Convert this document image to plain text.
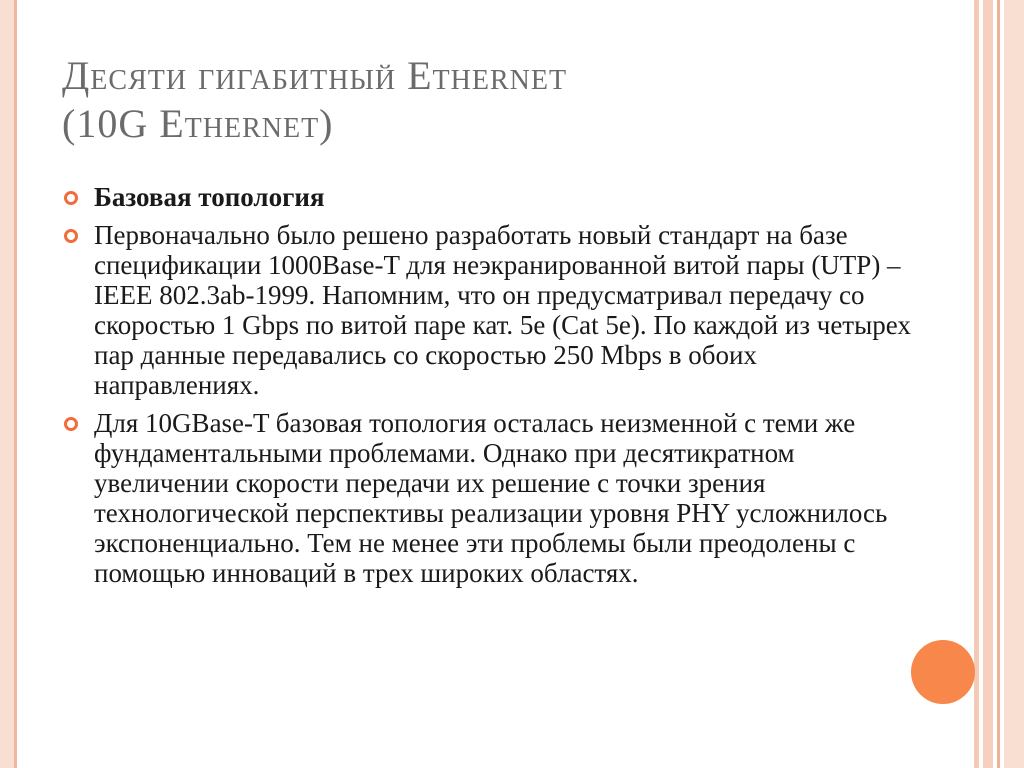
Десяти гигабитный Ethernet
(10G Ethernet)
Базовая топология
Первоначально было решено разработать новый стандарт на базе спецификации 1000Base-T для неэкранированной витой пары (UTP) – IEEE 802.3ab-1999. Напомним, что он предусматривал передачу со скоростью 1 Gbps по витой паре кат. 5е (Cat 5e). По каждой из четырех пар данные передавались со скоростью 250 Mbps в обоих направлениях.
Для 10GBase-T базовая топология осталась неизменной с теми же фундаментальными проблемами. Однако при десятикратном увеличении скорости передачи их решение с точки зрения технологической перспективы реализации уровня PHY усложнилось экспоненциально. Тем не менее эти проблемы были преодолены с помощью инноваций в трех широких областях.
